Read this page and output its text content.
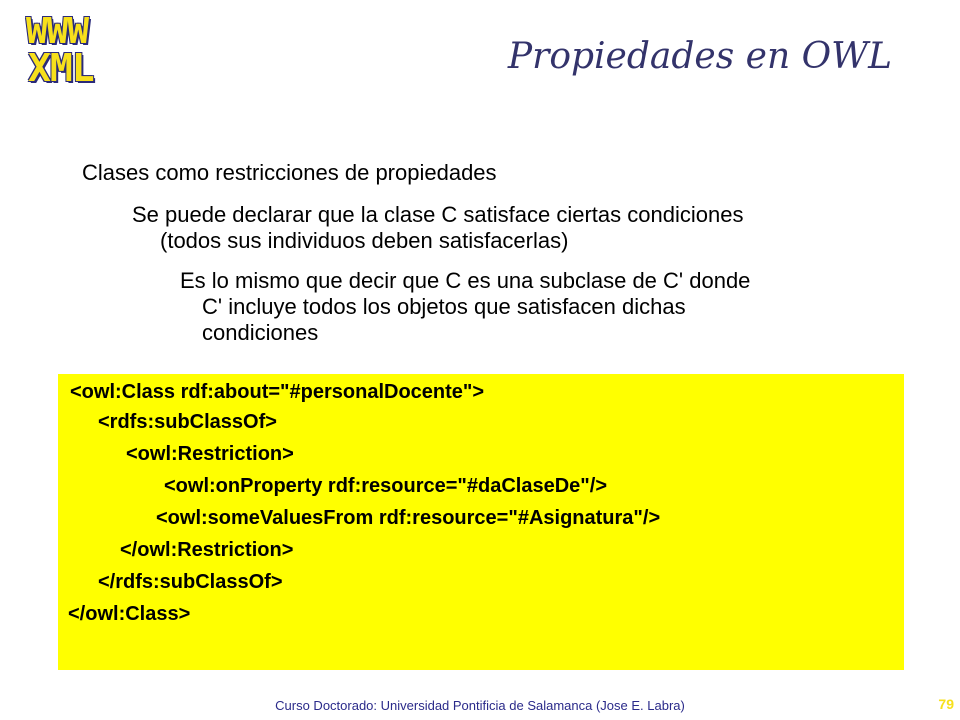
WWW
XML	Propiedades en OWL
Clases como restricciones de propiedades
Se puede declarar que la clase C satisface ciertas condiciones
(todos sus individuos deben satisfacerlas)
Es lo mismo que decir que C es una subclase de C' donde
C' incluye todos los objetos que satisfacen dichas
condiciones
<owl:Class rdf:about="#personalDocente">
<rdfs:subClassOf>
<owl:Restriction>
<owl:onProperty rdf:resource="#daClaseDe"/>
<owl:someValuesFrom rdf:resource="#Asignatura"/>
</owl:Restriction>
</rdfs:subClassOf>
</owl:Class>
Curso Doctorado: Universidad Pontificia de Salamanca (Jose E. Labra)	79
